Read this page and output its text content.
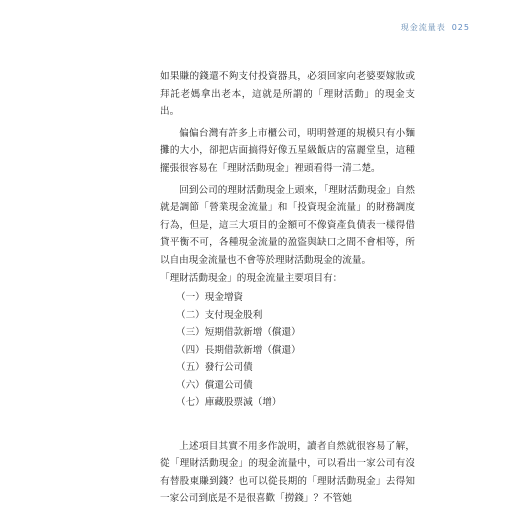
現金流量表 025

如果賺的錢還不夠支付投資器具，必須回家向老婆要嫁妝或拜託老媽拿出老本，這就是所謂的「理財活動」的現金支出。

偏偏台灣有許多上市櫃公司，明明營運的規模只有小麵攤的大小，卻把店面搞得好像五星級飯店的富麗堂皇，這種擺張很容易在「理財活動現金」裡頭看得一清二楚。

回到公司的理財活動現金上頭來，「理財活動現金」自然就是調節「營業現金流量」和「投資現金流量」的財務調度行為，但是，這三大項目的金額可不像資產負債表一樣得借貸平衡不可，各種現金流量的盈盜與缺口之間不會相等，所以自由現金流量也不會等於理財活動現金的流量。

「理財活動現金」的現金流量主要項目有：

（一）現金增資
（二）支付現金股利
（三）短期借款新增（償還）
（四）長期借款新增（償還）
（五）發行公司債
（六）償還公司債
（七）庫藏股票減（增）

上述項目其實不用多作說明，讀者自然就很容易了解，從「理財活動現金」的現金流量中，可以看出一家公司有沒有替股東賺到錢？也可以從長期的「理財活動現金」去得知一家公司到底是不是很喜歡「撈錢」？不管她
